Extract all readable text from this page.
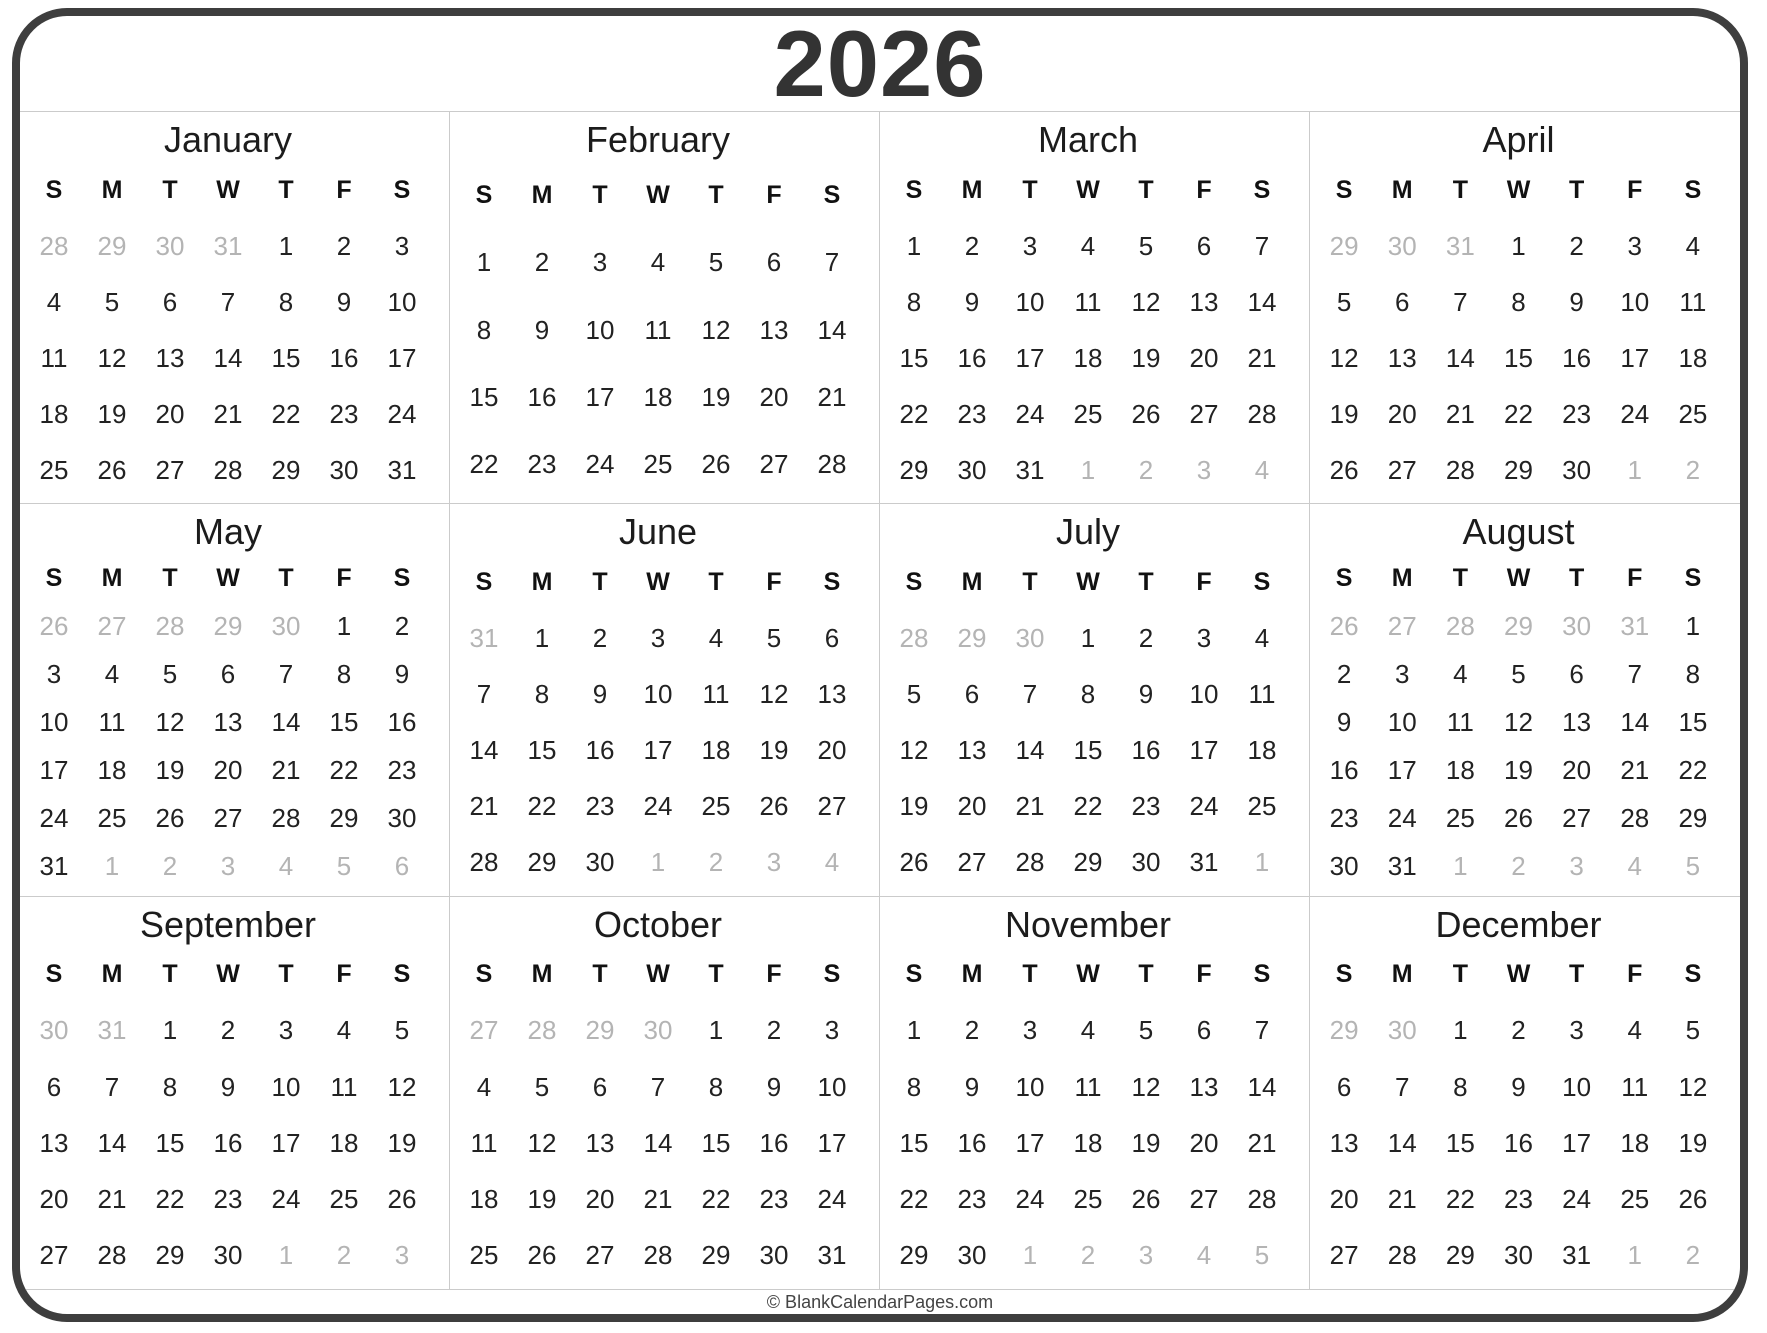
2026
January
S M T W T F S
28 29 30 31 1 2 3
4 5 6 7 8 9 10
11 12 13 14 15 16 17
18 19 20 21 22 23 24
25 26 27 28 29 30 31
February
S M T W T F S
1 2 3 4 5 6 7
8 9 10 11 12 13 14
15 16 17 18 19 20 21
22 23 24 25 26 27 28
March
S M T W T F S
1 2 3 4 5 6 7
8 9 10 11 12 13 14
15 16 17 18 19 20 21
22 23 24 25 26 27 28
29 30 31 1 2 3 4
April
S M T W T F S
29 30 31 1 2 3 4
5 6 7 8 9 10 11
12 13 14 15 16 17 18
19 20 21 22 23 24 25
26 27 28 29 30 1 2
May
S M T W T F S
26 27 28 29 30 1 2
3 4 5 6 7 8 9
10 11 12 13 14 15 16
17 18 19 20 21 22 23
24 25 26 27 28 29 30
31 1 2 3 4 5 6
June
S M T W T F S
31 1 2 3 4 5 6
7 8 9 10 11 12 13
14 15 16 17 18 19 20
21 22 23 24 25 26 27
28 29 30 1 2 3 4
July
S M T W T F S
28 29 30 1 2 3 4
5 6 7 8 9 10 11
12 13 14 15 16 17 18
19 20 21 22 23 24 25
26 27 28 29 30 31 1
August
S M T W T F S
26 27 28 29 30 31 1
2 3 4 5 6 7 8
9 10 11 12 13 14 15
16 17 18 19 20 21 22
23 24 25 26 27 28 29
30 31 1 2 3 4 5
September
S M T W T F S
30 31 1 2 3 4 5
6 7 8 9 10 11 12
13 14 15 16 17 18 19
20 21 22 23 24 25 26
27 28 29 30 1 2 3
October
S M T W T F S
27 28 29 30 1 2 3
4 5 6 7 8 9 10
11 12 13 14 15 16 17
18 19 20 21 22 23 24
25 26 27 28 29 30 31
November
S M T W T F S
1 2 3 4 5 6 7
8 9 10 11 12 13 14
15 16 17 18 19 20 21
22 23 24 25 26 27 28
29 30 1 2 3 4 5
December
S M T W T F S
29 30 1 2 3 4 5
6 7 8 9 10 11 12
13 14 15 16 17 18 19
20 21 22 23 24 25 26
27 28 29 30 31 1 2
© BlankCalendarPages.com
